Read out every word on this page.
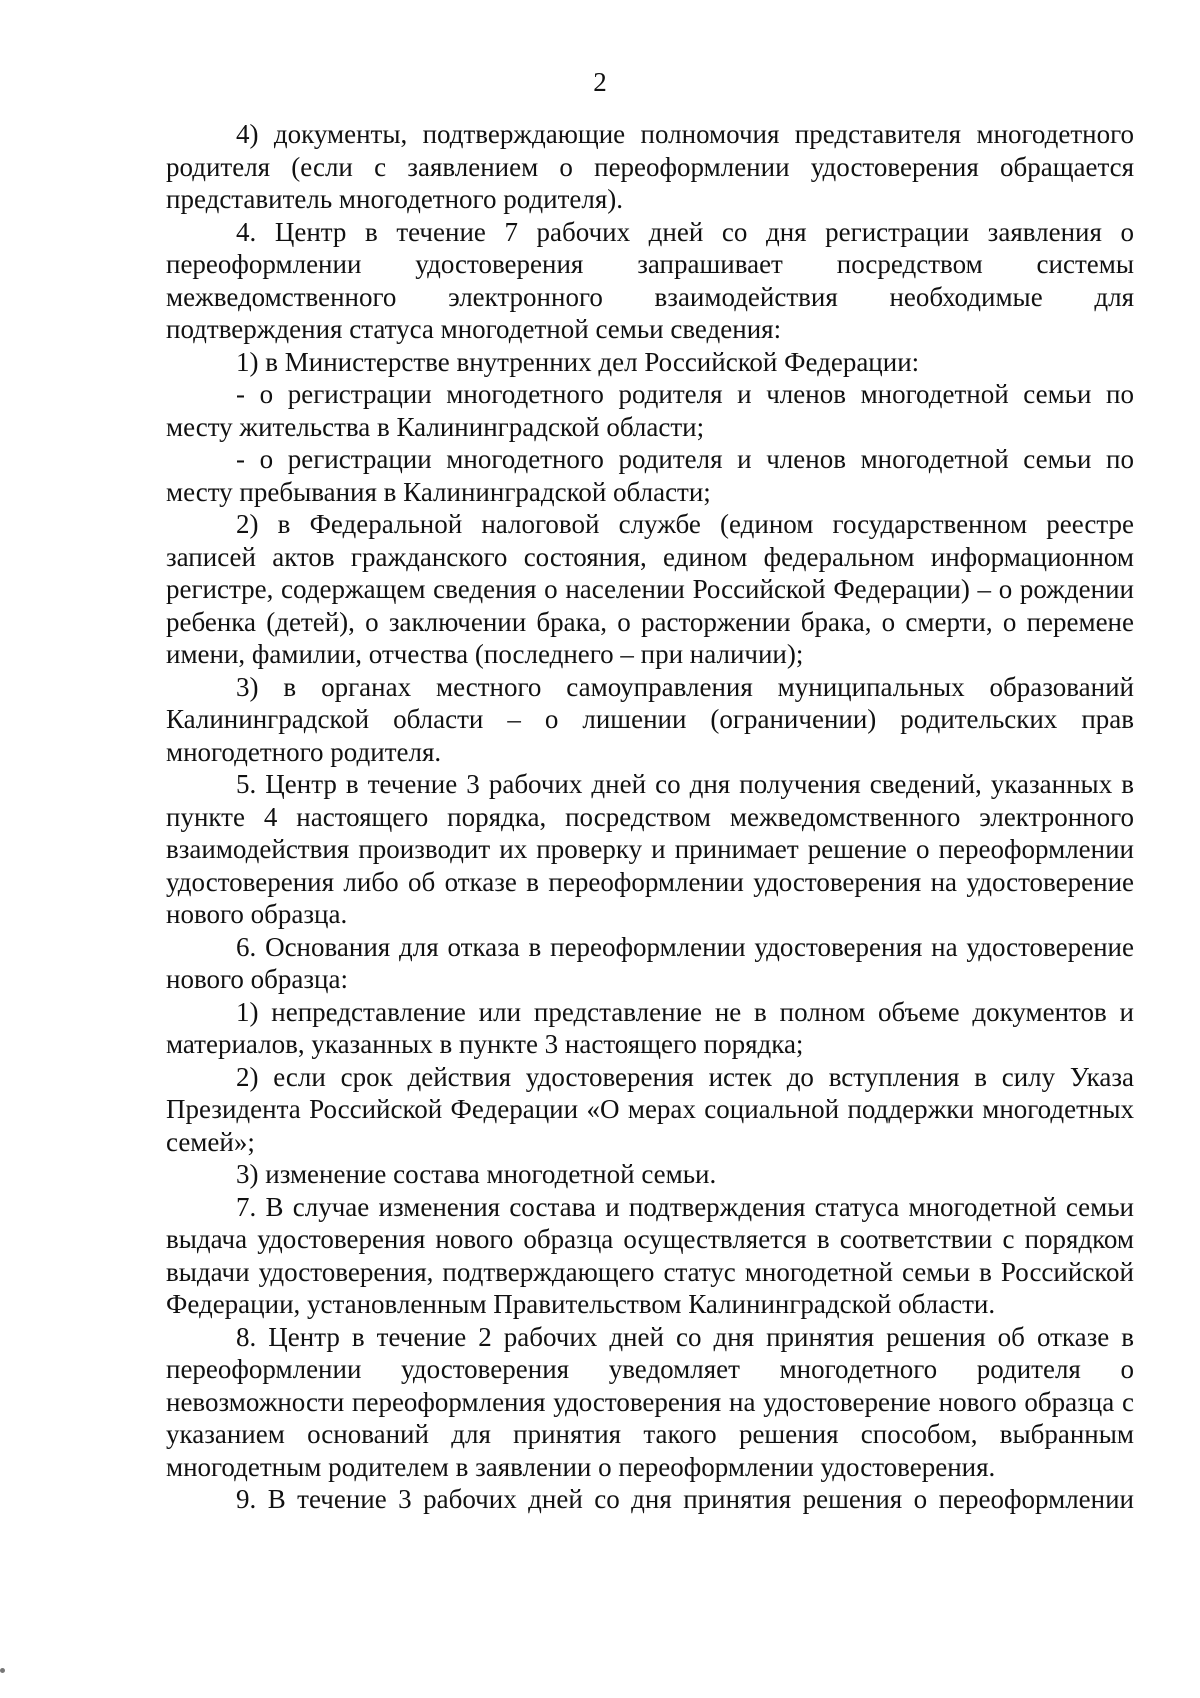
2

4) документы, подтверждающие полномочия представителя многодетного родителя (если с заявлением о переоформлении удостоверения обращается представитель многодетного родителя).

4. Центр в течение 7 рабочих дней со дня регистрации заявления о переоформлении удостоверения запрашивает посредством системы межведомственного электронного взаимодействия необходимые для подтверждения статуса многодетной семьи сведения:

1) в Министерстве внутренних дел Российской Федерации:

- о регистрации многодетного родителя и членов многодетной семьи по месту жительства в Калининградской области;

- о регистрации многодетного родителя и членов многодетной семьи по месту пребывания в Калининградской области;

2) в Федеральной налоговой службе (едином государственном реестре записей актов гражданского состояния, едином федеральном информационном регистре, содержащем сведения о населении Российской Федерации) – о рождении ребенка (детей), о заключении брака, о расторжении брака, о смерти, о перемене имени, фамилии, отчества (последнего – при наличии);

3) в органах местного самоуправления муниципальных образований Калининградской области – о лишении (ограничении) родительских прав многодетного родителя.

5. Центр в течение 3 рабочих дней со дня получения сведений, указанных в пункте 4 настоящего порядка, посредством межведомственного электронного взаимодействия производит их проверку и принимает решение о переоформлении удостоверения либо об отказе в переоформлении удостоверения на удостоверение нового образца.

6. Основания для отказа в переоформлении удостоверения на удостоверение нового образца:

1) непредставление или представление не в полном объеме документов и материалов, указанных в пункте 3 настоящего порядка;

2) если срок действия удостоверения истек до вступления в силу Указа Президента Российской Федерации «О мерах социальной поддержки многодетных семей»;

3) изменение состава многодетной семьи.

7. В случае изменения состава и подтверждения статуса многодетной семьи выдача удостоверения нового образца осуществляется в соответствии с порядком выдачи удостоверения, подтверждающего статус многодетной семьи в Российской Федерации, установленным Правительством Калининградской области.

8. Центр в течение 2 рабочих дней со дня принятия решения об отказе в переоформлении удостоверения уведомляет многодетного родителя о невозможности переоформления удостоверения на удостоверение нового образца с указанием оснований для принятия такого решения способом, выбранным многодетным родителем в заявлении о переоформлении удостоверения.

9. В течение 3 рабочих дней со дня принятия решения о переоформлении
